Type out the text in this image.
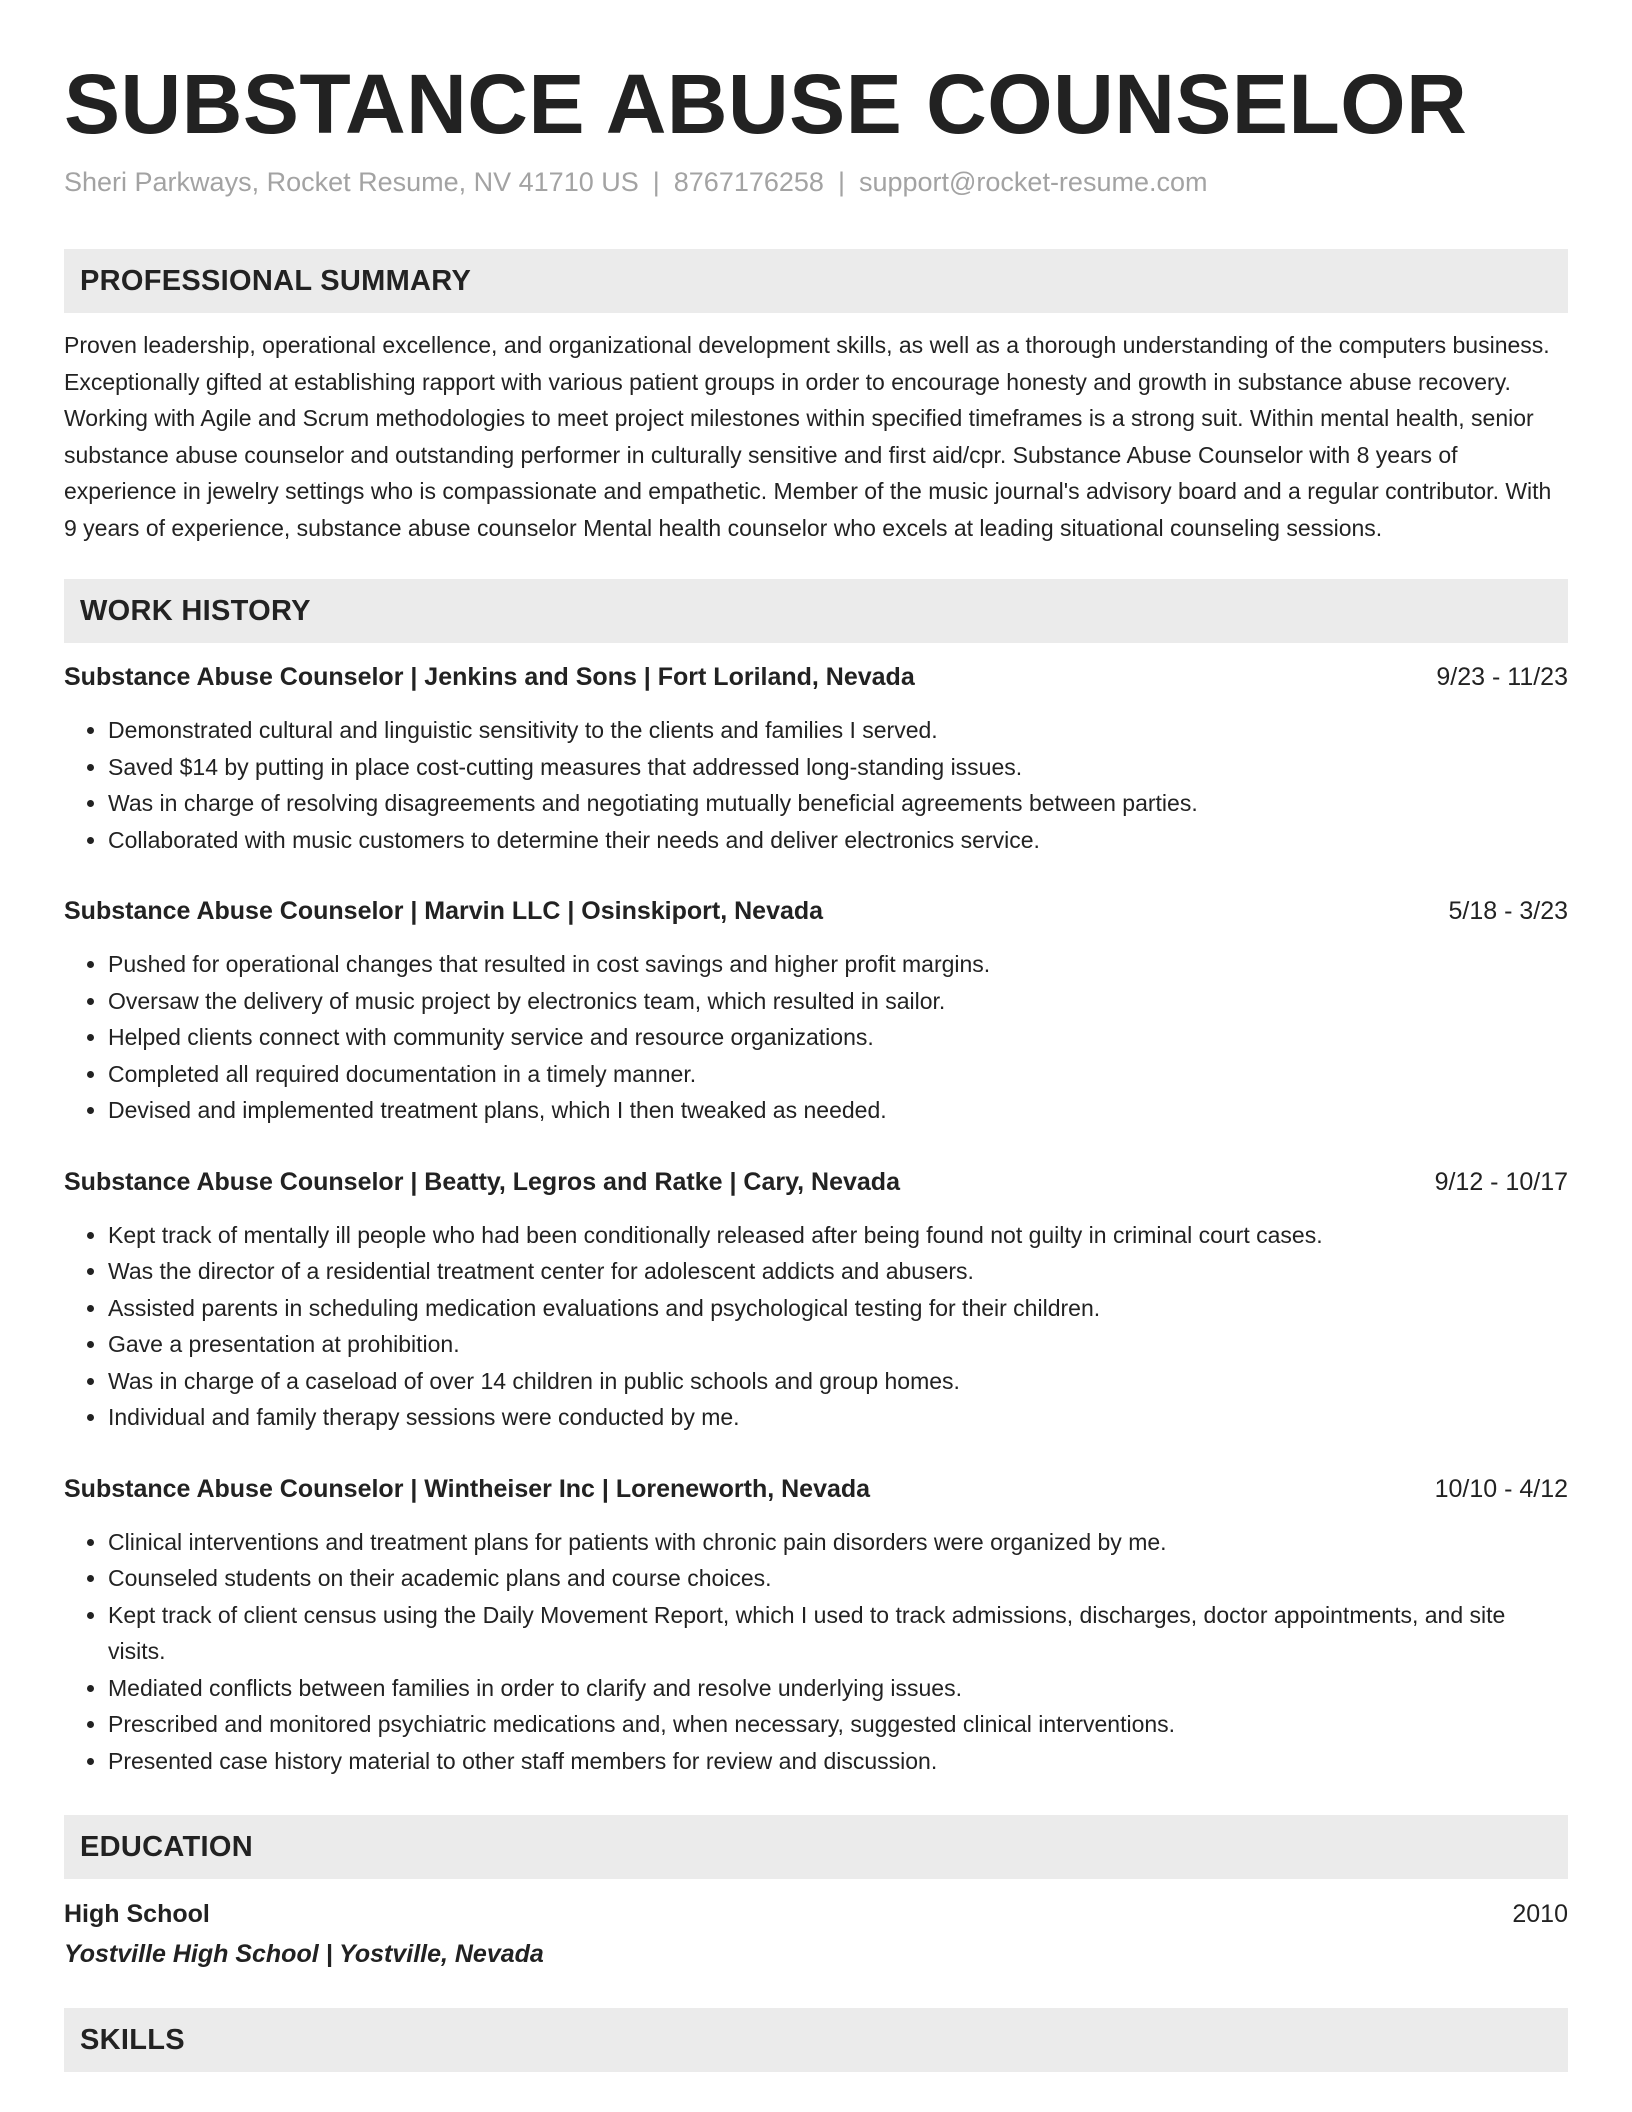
SUBSTANCE ABUSE COUNSELOR
Sheri Parkways, Rocket Resume, NV 41710 US | 8767176258 | support@rocket-resume.com
PROFESSIONAL SUMMARY
Proven leadership, operational excellence, and organizational development skills, as well as a thorough understanding of the computers business. Exceptionally gifted at establishing rapport with various patient groups in order to encourage honesty and growth in substance abuse recovery. Working with Agile and Scrum methodologies to meet project milestones within specified timeframes is a strong suit. Within mental health, senior substance abuse counselor and outstanding performer in culturally sensitive and first aid/cpr. Substance Abuse Counselor with 8 years of experience in jewelry settings who is compassionate and empathetic. Member of the music journal's advisory board and a regular contributor. With 9 years of experience, substance abuse counselor Mental health counselor who excels at leading situational counseling sessions.
WORK HISTORY
Substance Abuse Counselor | Jenkins and Sons | Fort Loriland, Nevada	9/23 - 11/23
• Demonstrated cultural and linguistic sensitivity to the clients and families I served.
• Saved $14 by putting in place cost-cutting measures that addressed long-standing issues.
• Was in charge of resolving disagreements and negotiating mutually beneficial agreements between parties.
• Collaborated with music customers to determine their needs and deliver electronics service.
Substance Abuse Counselor | Marvin LLC | Osinskiport, Nevada	5/18 - 3/23
• Pushed for operational changes that resulted in cost savings and higher profit margins.
• Oversaw the delivery of music project by electronics team, which resulted in sailor.
• Helped clients connect with community service and resource organizations.
• Completed all required documentation in a timely manner.
• Devised and implemented treatment plans, which I then tweaked as needed.
Substance Abuse Counselor | Beatty, Legros and Ratke | Cary, Nevada	9/12 - 10/17
• Kept track of mentally ill people who had been conditionally released after being found not guilty in criminal court cases.
• Was the director of a residential treatment center for adolescent addicts and abusers.
• Assisted parents in scheduling medication evaluations and psychological testing for their children.
• Gave a presentation at prohibition.
• Was in charge of a caseload of over 14 children in public schools and group homes.
• Individual and family therapy sessions were conducted by me.
Substance Abuse Counselor | Wintheiser Inc | Loreneworth, Nevada	10/10 - 4/12
• Clinical interventions and treatment plans for patients with chronic pain disorders were organized by me.
• Counseled students on their academic plans and course choices.
• Kept track of client census using the Daily Movement Report, which I used to track admissions, discharges, doctor appointments, and site visits.
• Mediated conflicts between families in order to clarify and resolve underlying issues.
• Prescribed and monitored psychiatric medications and, when necessary, suggested clinical interventions.
• Presented case history material to other staff members for review and discussion.
EDUCATION
High School	2010
Yostville High School | Yostville, Nevada
SKILLS
